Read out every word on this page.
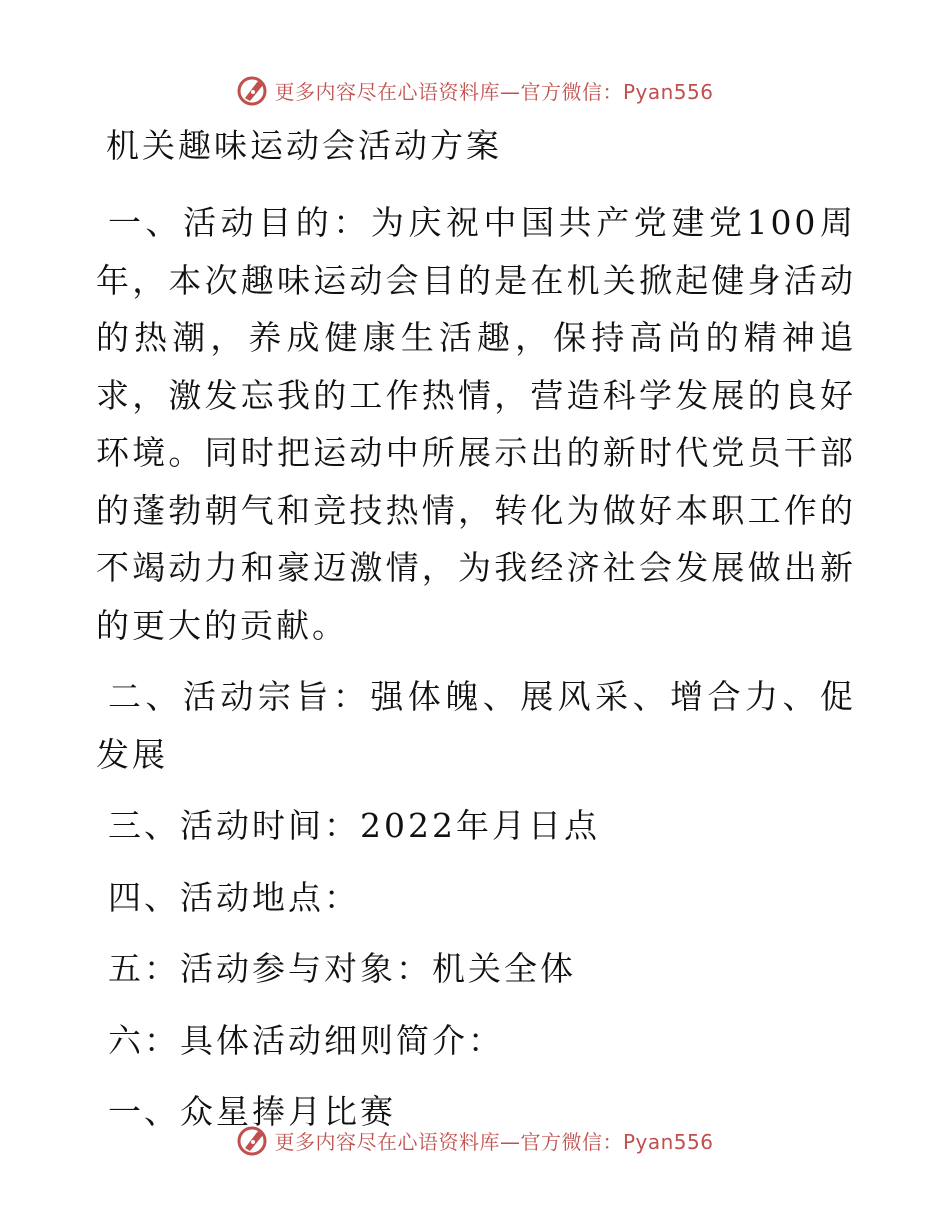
更多内容尽在心语资料库—官方微信：Pyan556
机关趣味运动会活动方案

一、活动目的：为庆祝中国共产党建党100周年，本次趣味运动会目的是在机关掀起健身活动的热潮，养成健康生活趣，保持高尚的精神追求，激发忘我的工作热情，营造科学发展的良好环境。同时把运动中所展示出的新时代党员干部的蓬勃朝气和竞技热情，转化为做好本职工作的不竭动力和豪迈激情，为我经济社会发展做出新的更大的贡献。

二、活动宗旨：强体魄、展风采、增合力、促发展

三、活动时间：2022年月日点

四、活动地点：

五：活动参与对象：机关全体

六：具体活动细则简介：

一、众星捧月比赛

更多内容尽在心语资料库—官方微信：Pyan556
